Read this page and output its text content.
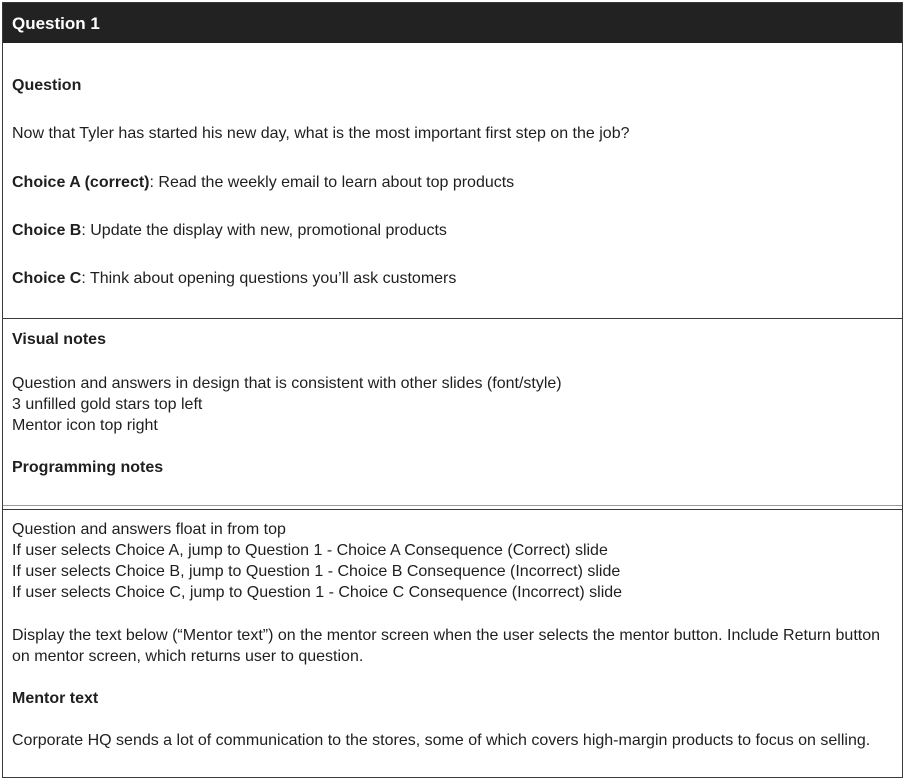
Question 1
Question
Now that Tyler has started his new day, what is the most important first step on the job?
Choice A (correct): Read the weekly email to learn about top products
Choice B: Update the display with new, promotional products
Choice C: Think about opening questions you’ll ask customers
Visual notes
Question and answers in design that is consistent with other slides (font/style)
3 unfilled gold stars top left
Mentor icon top right
Programming notes
Question and answers float in from top
If user selects Choice A, jump to Question 1 - Choice A Consequence (Correct) slide
If user selects Choice B, jump to Question 1 - Choice B Consequence (Incorrect) slide
If user selects Choice C, jump to Question 1 - Choice C Consequence (Incorrect) slide
Display the text below (“Mentor text”) on the mentor screen when the user selects the mentor button. Include Return button on mentor screen, which returns user to question.
Mentor text
Corporate HQ sends a lot of communication to the stores, some of which covers high-margin products to focus on selling.
